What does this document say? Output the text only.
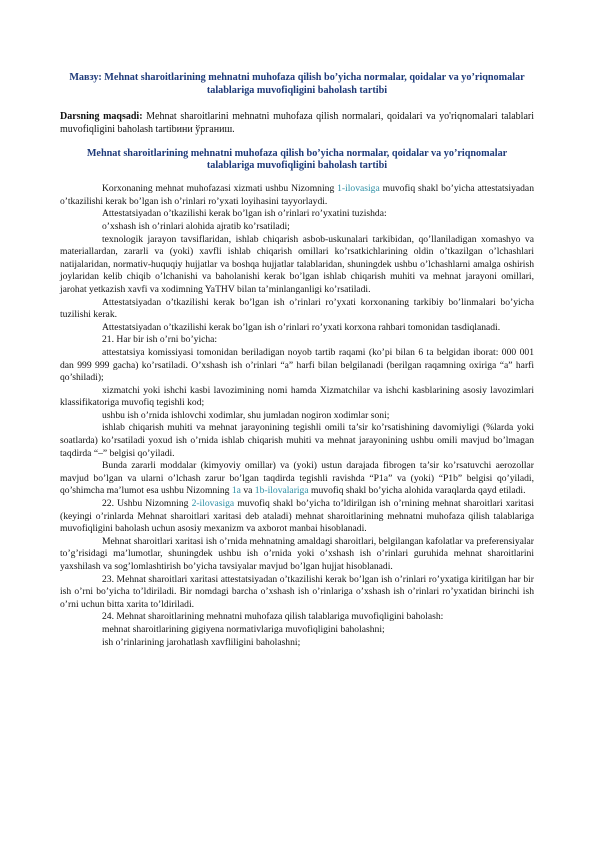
Мавзу: Mehnat sharoitlarining mehnatni muhofaza qilish bo’yicha normalar, qoidalar va yo’riqnomalar talablariga muvofiqligini baholash tartibi
Darsning maqsadi: Mehnat sharoitlarini mehnatni muhofaza qilish normalari, qoidalari va yo'riqnomalari talablari muvofiqligini baholash tartibини ўрганиш.
Mehnat sharoitlarining mehnatni muhofaza qilish bo’yicha normalar, qoidalar va yo’riqnomalar talablariga muvofiqligini baholash tartibi

Korxonaning mehnat muhofazasi xizmati ushbu Nizomning 1-ilovasiga muvofiq shakl bo’yicha attestatsiyadan o’tkazilishi kerak bo’lgan ish o’rinlari ro’yxati loyihasini tayyorlaydi.

Attestatsiyadan o’tkazilishi kerak bo’lgan ish o’rinlari ro’yxatini tuzishda:

o’xshash ish o’rinlari alohida ajratib ko’rsatiladi;

texnologik jarayon tavsiflaridan, ishlab chiqarish asbob-uskunalari tarkibidan, qo’llaniladigan xomashyo va materiallardan, zararli va (yoki) xavfli ishlab chiqarish omillari ko’rsatkichlarining oldin o’tkazilgan o’lchashlari natijalaridan, normativ-huquqiy hujjatlar va boshqa hujjatlar talablaridan, shuningdek ushbu o’lchashlarni amalga oshirish joylaridan kelib chiqib o’lchanishi va baholanishi kerak bo’lgan ishlab chiqarish muhiti va mehnat jarayoni omillari, jarohat yetkazish xavfi va xodimning YaTHV bilan ta’minlanganligi ko’rsatiladi.

Attestatsiyadan o’tkazilishi kerak bo’lgan ish o’rinlari ro’yxati korxonaning tarkibiy bo’linmalari bo’yicha tuzilishi kerak.

Attestatsiyadan o’tkazilishi kerak bo’lgan ish o’rinlari ro’yxati korxona rahbari tomonidan tasdiqlanadi.

21. Har bir ish o’rni bo’yicha:

attestatsiya komissiyasi tomonidan beriladigan noyob tartib raqami (ko’pi bilan 6 ta belgidan iborat: 000 001 dan 999 999 gacha) ko’rsatiladi. O’xshash ish o’rinlari “a” harfi bilan belgilanadi (berilgan raqamning oxiriga “a” harfi qo’shiladi);

xizmatchi yoki ishchi kasbi lavozimining nomi hamda Xizmatchilar va ishchi kasblarining asosiy lavozimlari klassifikatoriga muvofiq tegishli kod;

ushbu ish o’rnida ishlovchi xodimlar, shu jumladan nogiron xodimlar soni;

ishlab chiqarish muhiti va mehnat jarayonining tegishli omili ta’sir ko’rsatishining davomiyligi (%larda yoki soatlarda) ko’rsatiladi yoxud ish o’rnida ishlab chiqarish muhiti va mehnat jarayonining ushbu omili mavjud bo’lmagan taqdirda “–” belgisi qo’yiladi.

Bunda zararli moddalar (kimyoviy omillar) va (yoki) ustun darajada fibrogen ta’sir ko’rsatuvchi aerozollar mavjud bo’lgan va ularni o’lchash zarur bo’lgan taqdirda tegishli ravishda “P1a” va (yoki) “P1b” belgisi qo’yiladi, qo’shimcha ma’lumot esa ushbu Nizomning 1a va 1b-ilovalariga muvofiq shakl bo’yicha alohida varaqlarda qayd etiladi.

22. Ushbu Nizomning 2-ilovasiga muvofiq shakl bo’yicha to’ldirilgan ish o’rnining mehnat sharoitlari xaritasi (keyingi o’rinlarda Mehnat sharoitlari xaritasi deb ataladi) mehnat sharoitlarining mehnatni muhofaza qilish talablariga muvofiqligini baholash uchun asosiy mexanizm va axborot manbai hisoblanadi.

Mehnat sharoitlari xaritasi ish o’rnida mehnatning amaldagi sharoitlari, belgilangan kafolatlar va preferensiyalar to’g’risidagi ma’lumotlar, shuningdek ushbu ish o’rnida yoki o’xshash ish o’rinlari guruhida mehnat sharoitlarini yaxshilash va sog’lomlashtirish bo’yicha tavsiyalar mavjud bo’lgan hujjat hisoblanadi.

23. Mehnat sharoitlari xaritasi attestatsiyadan o’tkazilishi kerak bo’lgan ish o’rinlari ro’yxatiga kiritilgan har bir ish o’rni bo’yicha to’ldiriladi. Bir nomdagi barcha o’xshash ish o’rinlariga o’xshash ish o’rinlari ro’yxatidan birinchi ish o’rni uchun bitta xarita to’ldiriladi.

24. Mehnat sharoitlarining mehnatni muhofaza qilish talablariga muvofiqligini baholash:

mehnat sharoitlarining gigiyena normativlariga muvofiqligini baholashni;

ish o’rinlarining jarohatlash xavfliligini baholashni;
